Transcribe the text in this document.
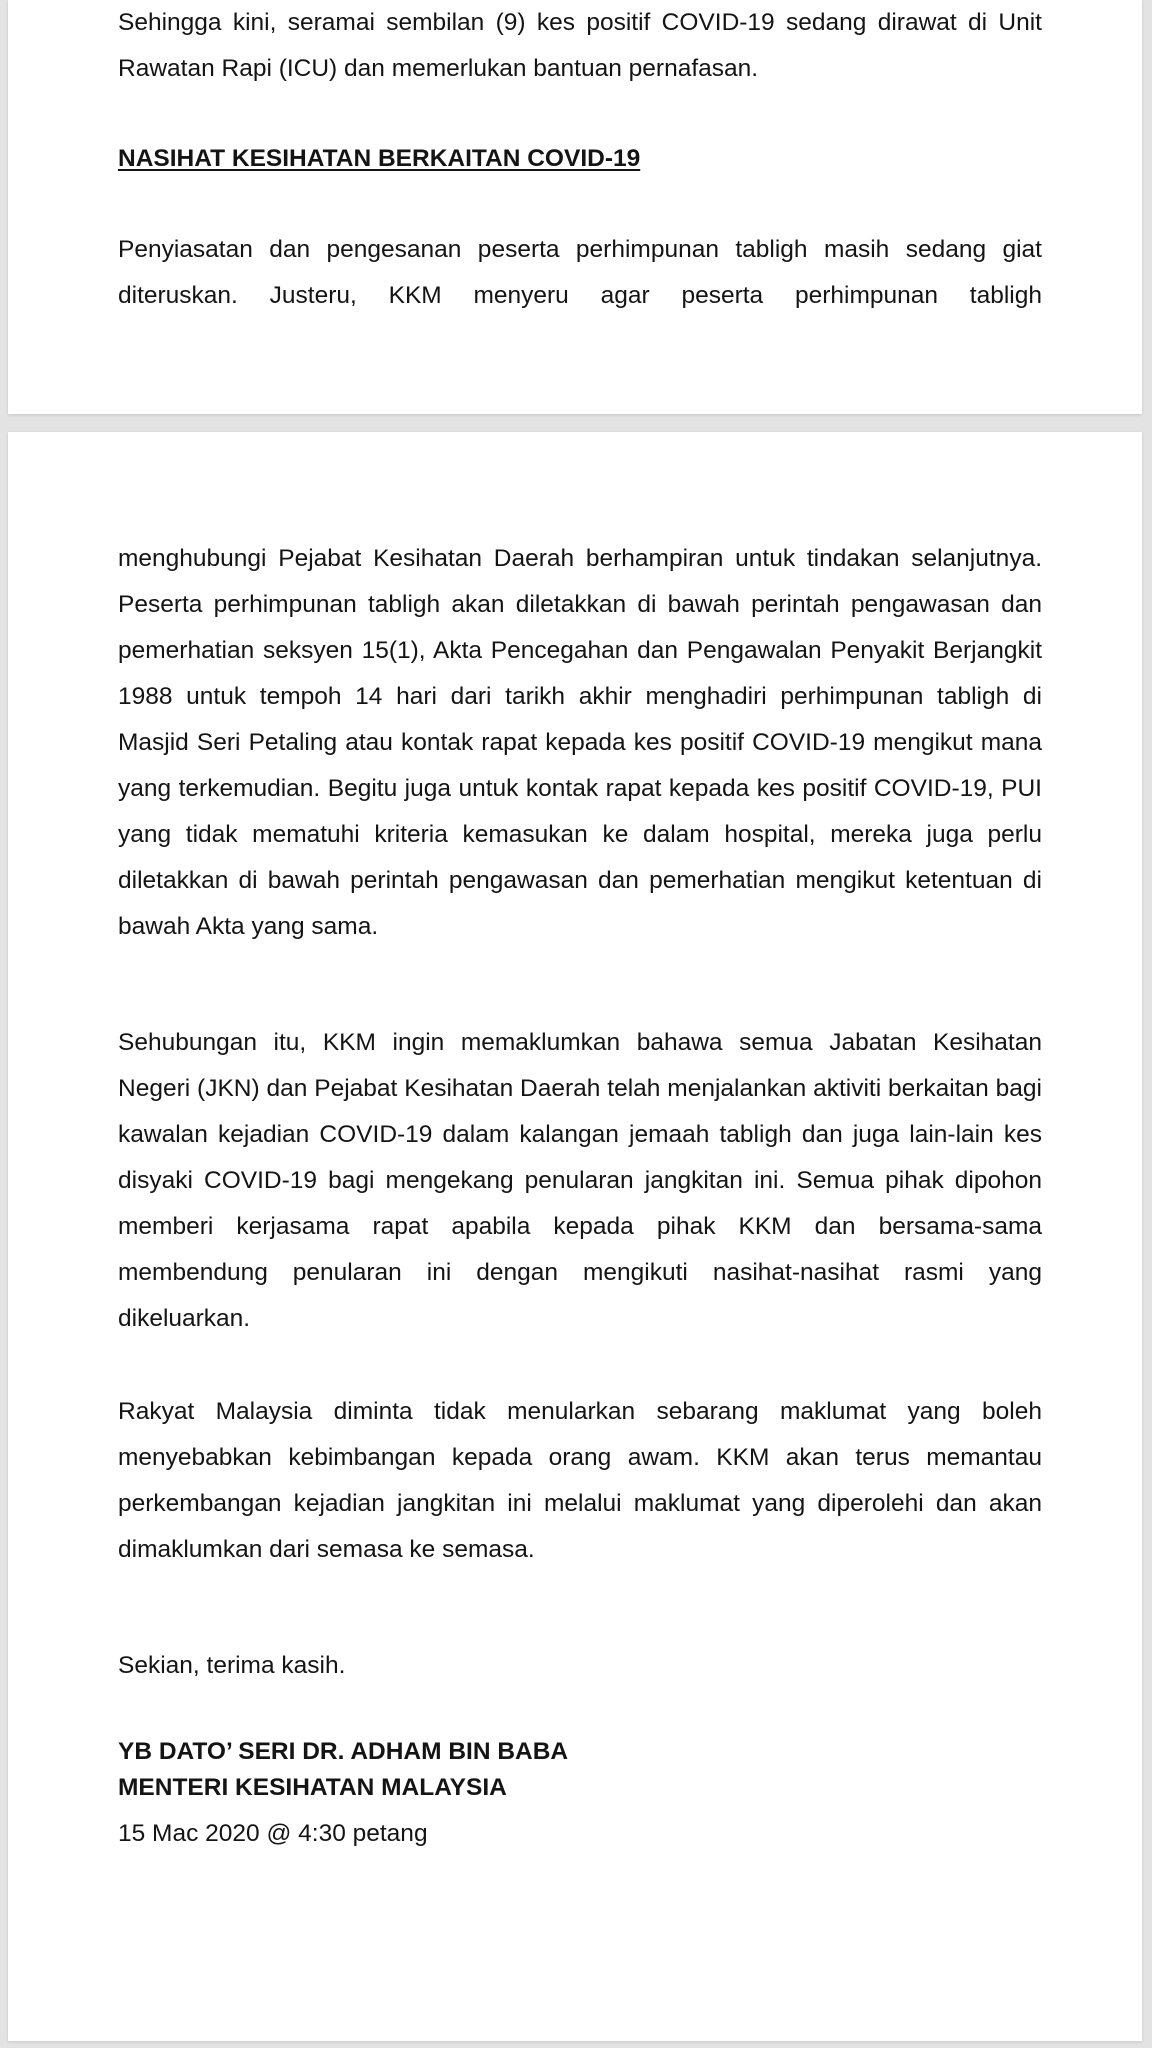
Sehingga kini, seramai sembilan (9) kes positif COVID-19 sedang dirawat di Unit Rawatan Rapi (ICU) dan memerlukan bantuan pernafasan.

NASIHAT KESIHATAN BERKAITAN COVID-19

Penyiasatan dan pengesanan peserta perhimpunan tabligh masih sedang giat diteruskan. Justeru, KKM menyeru agar peserta perhimpunan tabligh

menghubungi Pejabat Kesihatan Daerah berhampiran untuk tindakan selanjutnya. Peserta perhimpunan tabligh akan diletakkan di bawah perintah pengawasan dan pemerhatian seksyen 15(1), Akta Pencegahan dan Pengawalan Penyakit Berjangkit 1988 untuk tempoh 14 hari dari tarikh akhir menghadiri perhimpunan tabligh di Masjid Seri Petaling atau kontak rapat kepada kes positif COVID-19 mengikut mana yang terkemudian. Begitu juga untuk kontak rapat kepada kes positif COVID-19, PUI yang tidak mematuhi kriteria kemasukan ke dalam hospital, mereka juga perlu diletakkan di bawah perintah pengawasan dan pemerhatian mengikut ketentuan di bawah Akta yang sama.

Sehubungan itu, KKM ingin memaklumkan bahawa semua Jabatan Kesihatan Negeri (JKN) dan Pejabat Kesihatan Daerah telah menjalankan aktiviti berkaitan bagi kawalan kejadian COVID-19 dalam kalangan jemaah tabligh dan juga lain-lain kes disyaki COVID-19 bagi mengekang penularan jangkitan ini. Semua pihak dipohon memberi kerjasama rapat apabila kepada pihak KKM dan bersama-sama membendung penularan ini dengan mengikuti nasihat-nasihat rasmi yang dikeluarkan.

Rakyat Malaysia diminta tidak menularkan sebarang maklumat yang boleh menyebabkan kebimbangan kepada orang awam. KKM akan terus memantau perkembangan kejadian jangkitan ini melalui maklumat yang diperolehi dan akan dimaklumkan dari semasa ke semasa.

Sekian, terima kasih.

YB DATO’ SERI DR. ADHAM BIN BABA
MENTERI KESIHATAN MALAYSIA

15 Mac 2020 @ 4:30 petang
